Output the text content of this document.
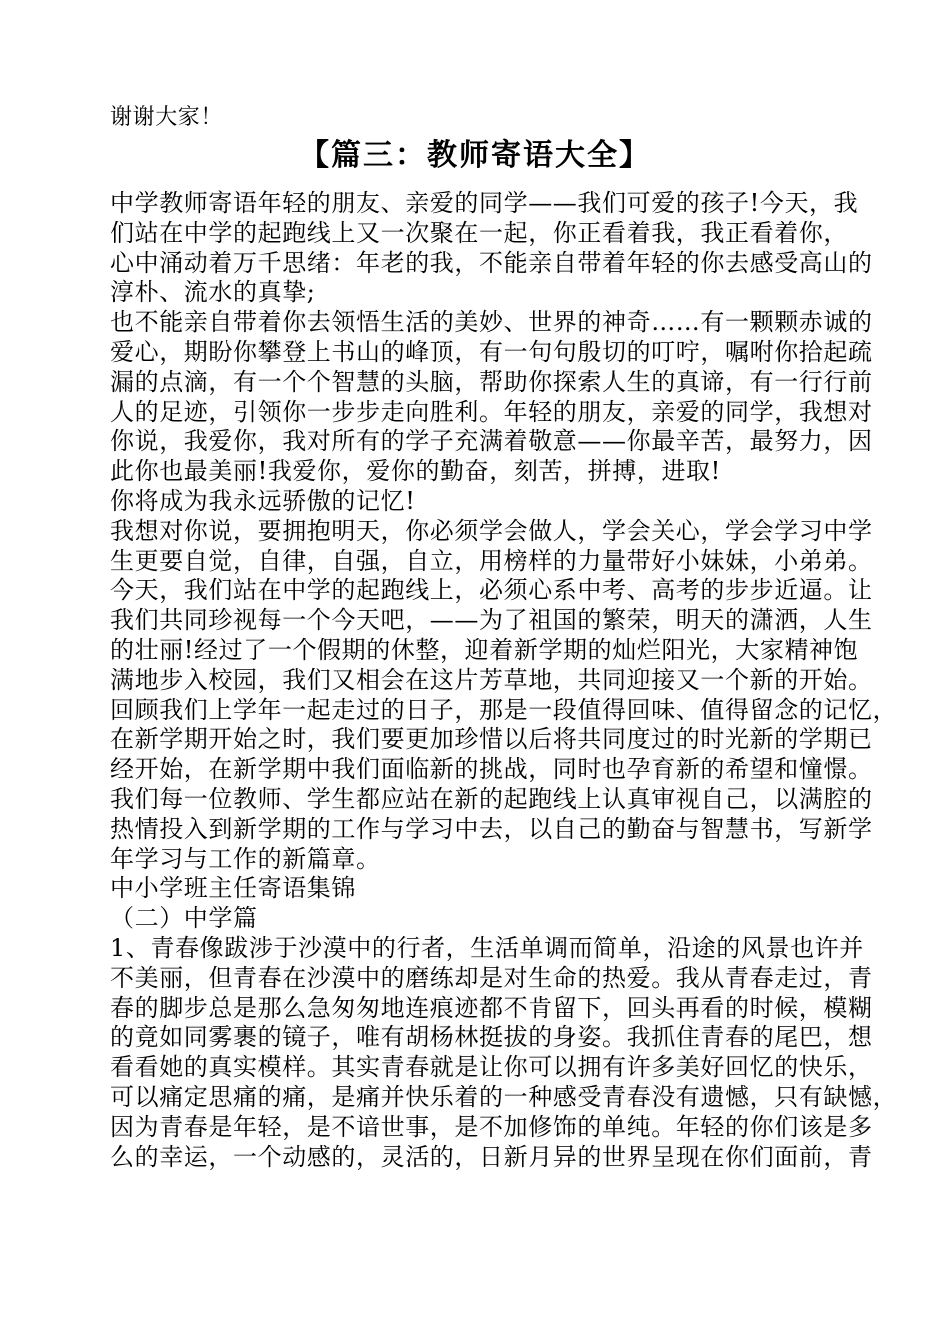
谢谢大家！
【篇三：教师寄语大全】
中学教师寄语年轻的朋友、亲爱的同学——我们可爱的孩子!今天，我
们站在中学的起跑线上又一次聚在一起，你正看着我，我正看着你，
心中涌动着万千思绪：年老的我，不能亲自带着年轻的你去感受高山的
淳朴、流水的真挚;
也不能亲自带着你去领悟生活的美妙、世界的神奇……有一颗颗赤诚的
爱心，期盼你攀登上书山的峰顶，有一句句殷切的叮咛，嘱咐你拾起疏
漏的点滴，有一个个智慧的头脑，帮助你探索人生的真谛，有一行行前
人的足迹，引领你一步步走向胜利。年轻的朋友，亲爱的同学，我想对
你说，我爱你，我对所有的学子充满着敬意——你最辛苦，最努力，因
此你也最美丽!我爱你，爱你的勤奋，刻苦，拼搏，进取!
你将成为我永远骄傲的记忆!
我想对你说，要拥抱明天，你必须学会做人，学会关心，学会学习中学
生更要自觉，自律，自强，自立，用榜样的力量带好小妹妹，小弟弟。
今天，我们站在中学的起跑线上，必须心系中考、高考的步步近逼。让
我们共同珍视每一个今天吧，——为了祖国的繁荣，明天的潇洒，人生
的壮丽!经过了一个假期的休整，迎着新学期的灿烂阳光，大家精神饱
满地步入校园，我们又相会在这片芳草地，共同迎接又一个新的开始。
回顾我们上学年一起走过的日子，那是一段值得回味、值得留念的记忆，
在新学期开始之时，我们要更加珍惜以后将共同度过的时光新的学期已
经开始，在新学期中我们面临新的挑战，同时也孕育新的希望和憧憬。
我们每一位教师、学生都应站在新的起跑线上认真审视自己，以满腔的
热情投入到新学期的工作与学习中去，以自己的勤奋与智慧书，写新学
年学习与工作的新篇章。
中小学班主任寄语集锦
（二）中学篇
1、青春像跋涉于沙漠中的行者，生活单调而简单，沿途的风景也许并
不美丽，但青春在沙漠中的磨练却是对生命的热爱。我从青春走过，青
春的脚步总是那么急匆匆地连痕迹都不肯留下，回头再看的时候，模糊
的竟如同雾裹的镜子，唯有胡杨林挺拔的身姿。我抓住青春的尾巴，想
看看她的真实模样。其实青春就是让你可以拥有许多美好回忆的快乐，
可以痛定思痛的痛，是痛并快乐着的一种感受青春没有遗憾，只有缺憾，
因为青春是年轻，是不谙世事，是不加修饰的单纯。年轻的你们该是多
么的幸运，一个动感的，灵活的，日新月异的世界呈现在你们面前，青
